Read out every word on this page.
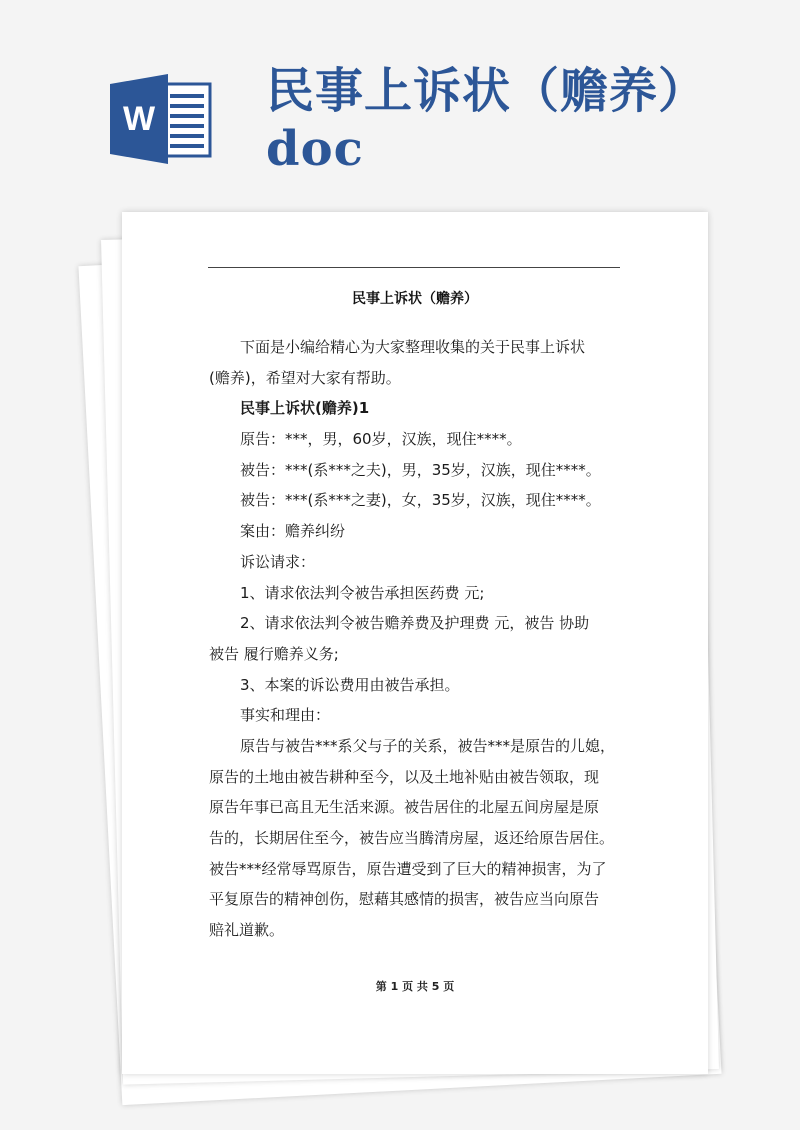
W 民事上诉状（赡养）doc
民事上诉状（赡养）
下面是小编给精心为大家整理收集的关于民事上诉状
(赡养)，希望对大家有帮助。
民事上诉状(赡养)1
原告：***，男，60岁，汉族，现住****。
被告：***(系***之夫)，男，35岁，汉族，现住****。
被告：***(系***之妻)，女，35岁，汉族，现住****。
案由：赡养纠纷
诉讼请求：
1、请求依法判令被告承担医药费 元;
2、请求依法判令被告赡养费及护理费 元，被告 协助
被告 履行赡养义务;
3、本案的诉讼费用由被告承担。
事实和理由：
原告与被告***系父与子的关系，被告***是原告的儿媳，
原告的土地由被告耕种至今，以及土地补贴由被告领取，现
原告年事已高且无生活来源。被告居住的北屋五间房屋是原
告的，长期居住至今，被告应当腾清房屋，返还给原告居住。
被告***经常辱骂原告，原告遭受到了巨大的精神损害，为了
平复原告的精神创伤，慰藉其感情的损害，被告应当向原告
赔礼道歉。
第 1 页 共 5 页
